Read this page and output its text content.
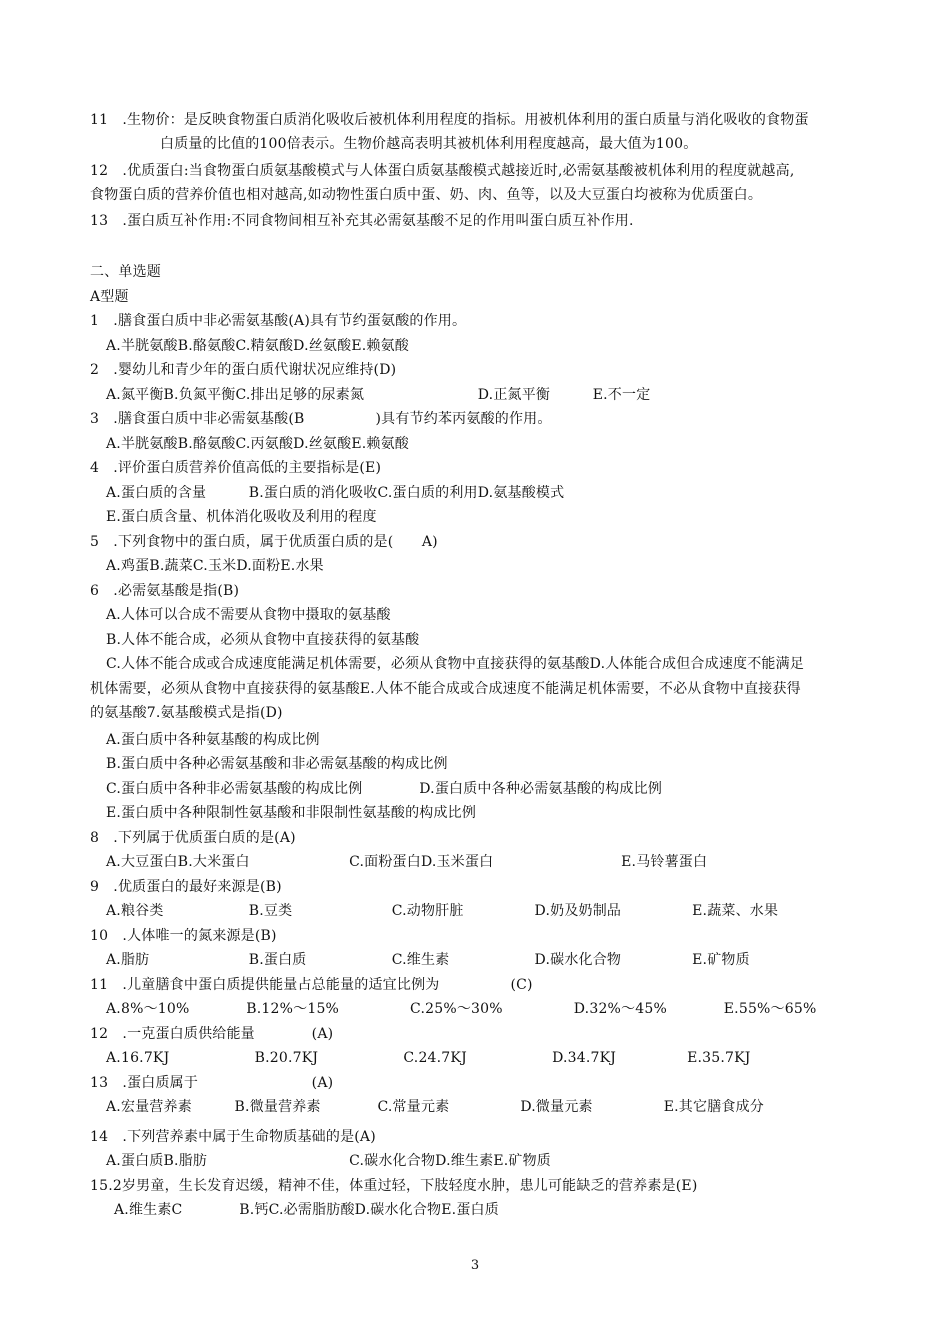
11　.生物价：是反映食物蛋白质消化吸收后被机体利用程度的指标。用被机体利用的蛋白质量与消化吸收的食物蛋
白质量的比值的100倍表示。生物价越高表明其被机体利用程度越高，最大值为100。
12　.优质蛋白:当食物蛋白质氨基酸模式与人体蛋白质氨基酸模式越接近时,必需氨基酸被机体利用的程度就越高,
食物蛋白质的营养价值也相对越高,如动物性蛋白质中蛋、奶、肉、鱼等，以及大豆蛋白均被称为优质蛋白。
13　.蛋白质互补作用:不同食物间相互补充其必需氨基酸不足的作用叫蛋白质互补作用.
二、单选题
A型题
1　.膳食蛋白质中非必需氨基酸(A)具有节约蛋氨酸的作用。
A.半胱氨酸B.酪氨酸C.精氨酸D.丝氨酸E.赖氨酸
2　.婴幼儿和青少年的蛋白质代谢状况应维持(D)
A.氮平衡B.负氮平衡C.排出足够的尿素氮　　　　　　　　D.正氮平衡　　　E.不一定
3　.膳食蛋白质中非必需氨基酸(B　　　　　)具有节约苯丙氨酸的作用。
A.半胱氨酸B.酪氨酸C.丙氨酸D.丝氨酸E.赖氨酸
4　.评价蛋白质营养价值高低的主要指标是(E)
A.蛋白质的含量　　　B.蛋白质的消化吸收C.蛋白质的利用D.氨基酸模式
E.蛋白质含量、机体消化吸收及利用的程度
5　.下列食物中的蛋白质，属于优质蛋白质的是(　　A)
A.鸡蛋B.蔬菜C.玉米D.面粉E.水果
6　.必需氨基酸是指(B)
A.人体可以合成不需要从食物中摄取的氨基酸
B.人体不能合成，必须从食物中直接获得的氨基酸
C.人体不能合成或合成速度能满足机体需要，必须从食物中直接获得的氨基酸D.人体能合成但合成速度不能满足
机体需要，必须从食物中直接获得的氨基酸E.人体不能合成或合成速度不能满足机体需要，不必从食物中直接获得
的氨基酸7.氨基酸模式是指(D)
A.蛋白质中各种氨基酸的构成比例
B.蛋白质中各种必需氨基酸和非必需氨基酸的构成比例
C.蛋白质中各种非必需氨基酸的构成比例　　　　D.蛋白质中各种必需氨基酸的构成比例
E.蛋白质中各种限制性氨基酸和非限制性氨基酸的构成比例
8　.下列属于优质蛋白质的是(A)
A.大豆蛋白B.大米蛋白　　　　　　　C.面粉蛋白D.玉米蛋白　　　　　　　　　E.马铃薯蛋白
9　.优质蛋白的最好来源是(B)
A.粮谷类　　　　　　B.豆类　　　　　　　C.动物肝脏　　　　　D.奶及奶制品　　　　　E.蔬菜、水果
10　.人体唯一的氮来源是(B)
A.脂肪　　　　　　　B.蛋白质　　　　　　C.维生素　　　　　　D.碳水化合物　　　　　E.矿物质
11　.儿童膳食中蛋白质提供能量占总能量的适宜比例为　　　　　(C)
A.8%～10%　　　　B.12%～15%　　　　　C.25%～30%　　　　　D.32%～45%　　　　E.55%～65%
12　.一克蛋白质供给能量　　　　(A)
A.16.7KJ　　　　　　B.20.7KJ　　　　　　C.24.7KJ　　　　　　D.34.7KJ　　　　　E.35.7KJ
13　.蛋白质属于　　　　　　　　(A)
A.宏量营养素　　　B.微量营养素　　　　C.常量元素　　　　　D.微量元素　　　　　E.其它膳食成分
14　.下列营养素中属于生命物质基础的是(A)
A.蛋白质B.脂肪　　　　　　　　　　C.碳水化合物D.维生素E.矿物质
15.2岁男童，生长发育迟缓，精神不佳，体重过轻，下肢轻度水肿，患儿可能缺乏的营养素是(E)
A.维生素C　　　　B.钙C.必需脂肪酸D.碳水化合物E.蛋白质
3
